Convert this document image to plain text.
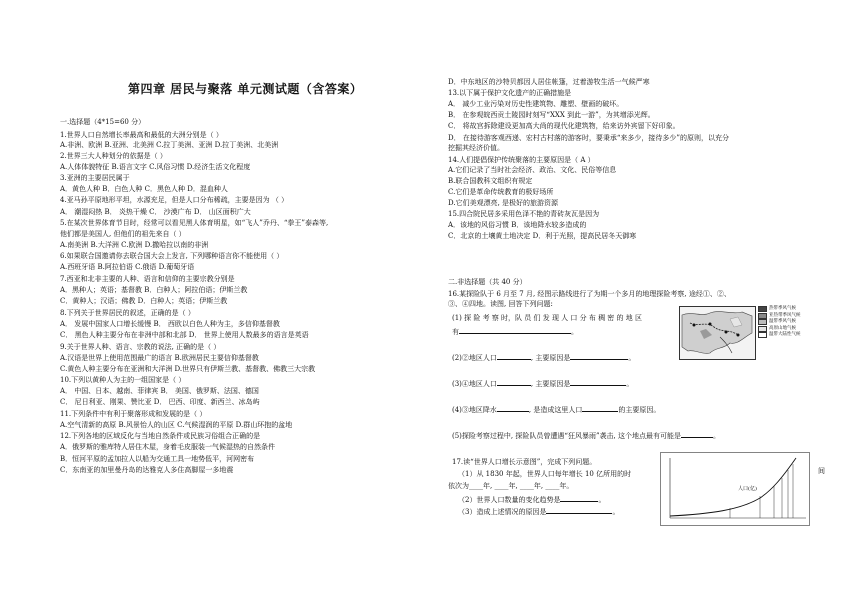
第四章 居民与聚落 单元测试题（含答案）
一.选择题（4*15=60 分）
1.世界人口自然增长率最高和最低的大洲分别是（ ）
A.非洲、欧洲 B.亚洲、北美洲 C.拉丁美洲、亚洲 D.拉丁美洲、北美洲
2.世界三大人种划分的依据是（ ）
A.人体体貌特征 B.语言文字 C.风俗习惯 D.经济生活文化程度
3.亚洲的主要居民属于
A．黄色人种 B．白色人种 C．黑色人种 D．混血种人
4.亚马孙平原地形平坦，水源充足，但是人口分布稀疏，主要是因为 （ ）
A． 潮湿闷热 B． 炎热干燥 C． 沙漠广布 D． 山区面积广大
5.在某次世界体育节目时，经常可以看见黑人体育明星，如“飞人”乔丹、“拳王”泰森等,
他们都是美国人, 但他们的祖先来自（ ）
A.南美洲 B.大洋洲 C.欧洲 D.撒哈拉以南的非洲
6.如果联合国邀请你去联合国大会上发言, 下列哪种语言你不能使用（ ）
A.西班牙语 B.阿拉伯语 C.俄语 D.葡萄牙语
7.西亚和北非主要的人种、语言和信仰的主要宗教分别是
A．黑种人；英语；基督教 B．白种人；阿拉伯语；伊斯兰教
C．黄种人；汉语；佛教 D．白种人；英语；伊斯兰教
8.下列关于世界居民的叙述，正确的是（ ）
A． 发展中国家人口增长缓慢 B． 西欧以白色人种为主，多信仰基督教
C． 黑色人种主要分布在非洲中部和北部 D． 世界上使用人数最多的语言是英语
9.关于世界人种、语言、宗教的说法, 正确的是（ ）
A.汉语是世界上使用范围最广的语言 B.欧洲居民主要信仰基督教
C.黄色人种主要分布在亚洲和大洋洲 D.世界只有伊斯兰教、基督教、佛教三大宗教
10.下列以黄种人为主的一组国家是（ ）
A． 中国、日本、越南、菲律宾 B． 美国、俄罗斯、法国、德国
C． 尼日利亚、刚果、赞比亚 D． 巴西、印度、新西兰、冰岛屿
11.下列条件中有利于聚落形成和发展的是（ ）
A.空气清新的高原 B.风景怡人的山区 C.气候湿润的平原 D.群山环抱的盆地
12.下列各地的区域反化与当地自然条件或民族习俗组合正确的是
A．俄罗斯的雅库特人居住木屋，身着毛皮服装一气候湿热的自然条件
B．恒河平原的孟加拉人以船为交通工具一地势低平，河网密布
C．东南亚的加里曼丹岛的达雅克人多住高脚屋一多地震
D．中东地区的沙特贝都因人居住帐篷，过着游牧生活一气候严寒
13.以下属于保护文化遗产的正确措施是
A． 减少工业污染对历史性建筑物、雕塑、壁画的破坏。
B． 在参观皖西贡土陵园时刻写“XXX 到此一游”，为其增添光辉。
C． 将故宫拆除建设更加高大尚的现代化建筑物，给来访外宾留下好印象。
D． 在接待游客观西递、宏村古村落的游客时，要秉承“来多少，接待多少”的原则，以充分
挖掘其经济价值。
14.人们提倡保护传统聚落的主要原因是（ A ）
A.它们记录了当时社会经济、政治、文化、民俗等信息
B.联合国教科文组织有规定
C.它们是革命传统教育的极好场所
D.它们美观漂亮, 是极好的旅游资源
15.四合院民居多采用色泽不艳的青砖灰瓦是因为
A．该地的风俗习惯 B．该地降水较多造成的
C．北京的土壤黄土地决定 D．利于光照，提高民居冬天御寒
二.非选择题（共 40 分）
16.某探险队于 6 月至 7 月, 经图示路线进行了为期一个多月的地理探险考察, 途经①、②、
③、④四地。读图, 回答下列问题:
(1) 探 险 考 察 时，队 员 们 发 现 人 口 分 布 稠 密 的 地 区
有	。
(2)②地区人口	, 主要原因是	。
(3)④地区人口	, 主要原因是	。
(4)③地区降水	, 是造成这里人口	的主要原因。
(5)探险考察过程中, 探险队员曾遭遇“狂风暴雨”袭击, 这个地点最有可能是	。
热带季风气候
亚热带季风气候
温带季风气候
高原山地气候
温带大陆性气候
17.读“世界人口增长示意图”，完成下列问题。
（1）从 1830 年起，世界人口每年增长 10 亿所用的时	间
依次为____年, ____年, ____年, ____年。
（2）世界人口数量的变化趋势是	。
（3）造成上述情况的原因是	。
人口(亿)
